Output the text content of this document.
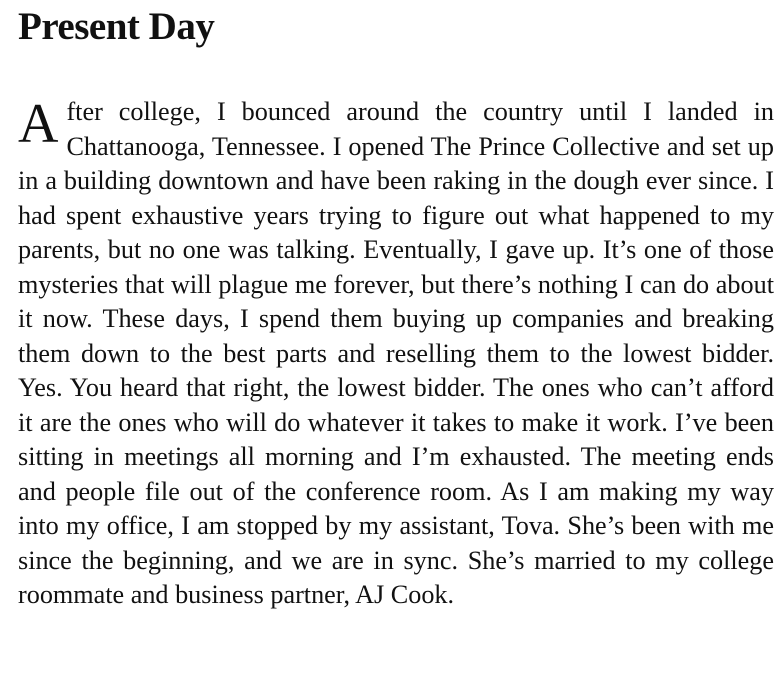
Present Day

After college, I bounced around the country until I landed in Chattanooga, Tennessee. I opened The Prince Collective and set up in a building downtown and have been raking in the dough ever since. I had spent exhaustive years trying to figure out what happened to my parents, but no one was talking. Eventually, I gave up. It’s one of those mysteries that will plague me forever, but there’s nothing I can do about it now. These days, I spend them buying up companies and breaking them down to the best parts and reselling them to the lowest bidder. Yes. You heard that right, the lowest bidder. The ones who can’t afford it are the ones who will do whatever it takes to make it work. I’ve been sitting in meetings all morning and I’m exhausted. The meeting ends and people file out of the conference room. As I am making my way into my office, I am stopped by my assistant, Tova. She’s been with me since the beginning, and we are in sync. She’s married to my college roommate and business partner, AJ Cook.
